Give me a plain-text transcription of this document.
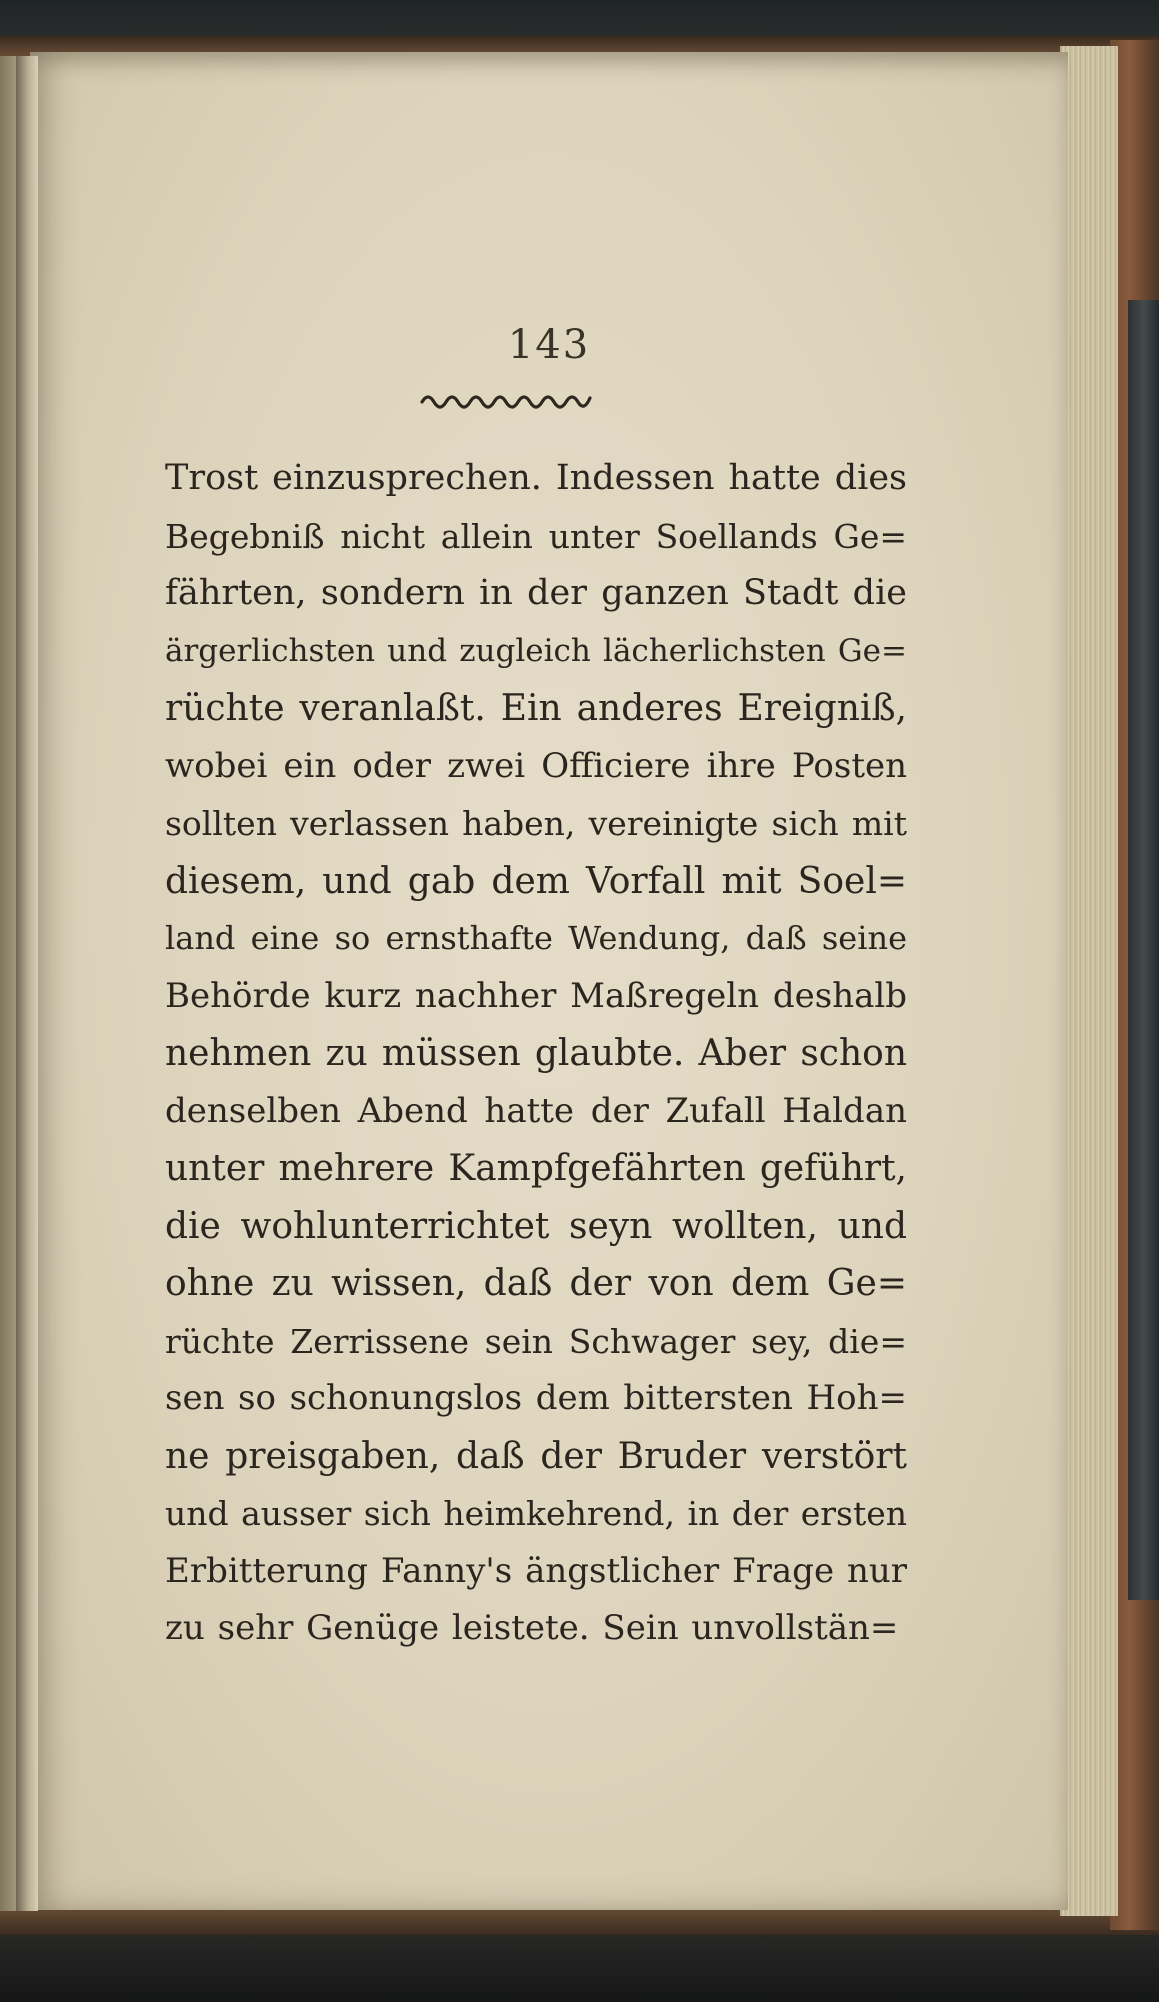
143
Trost einzusprechen. Indessen hatte dies
Begebniß nicht allein unter Soellands Ge=
fährten, sondern in der ganzen Stadt die
ärgerlichsten und zugleich lächerlichsten Ge=
rüchte veranlaßt. Ein anderes Ereigniß,
wobei ein oder zwei Officiere ihre Posten
sollten verlassen haben, vereinigte sich mit
diesem, und gab dem Vorfall mit Soel=
land eine so ernsthafte Wendung, daß seine
Behörde kurz nachher Maßregeln deshalb
nehmen zu müssen glaubte. Aber schon
denselben Abend hatte der Zufall Haldan
unter mehrere Kampfgefährten geführt,
die wohlunterrichtet seyn wollten, und
ohne zu wissen, daß der von dem Ge=
rüchte Zerrissene sein Schwager sey, die=
sen so schonungslos dem bittersten Hoh=
ne preisgaben, daß der Bruder verstört
und ausser sich heimkehrend, in der ersten
Erbitterung Fanny's ängstlicher Frage nur
zu sehr Genüge leistete. Sein unvollstän=
